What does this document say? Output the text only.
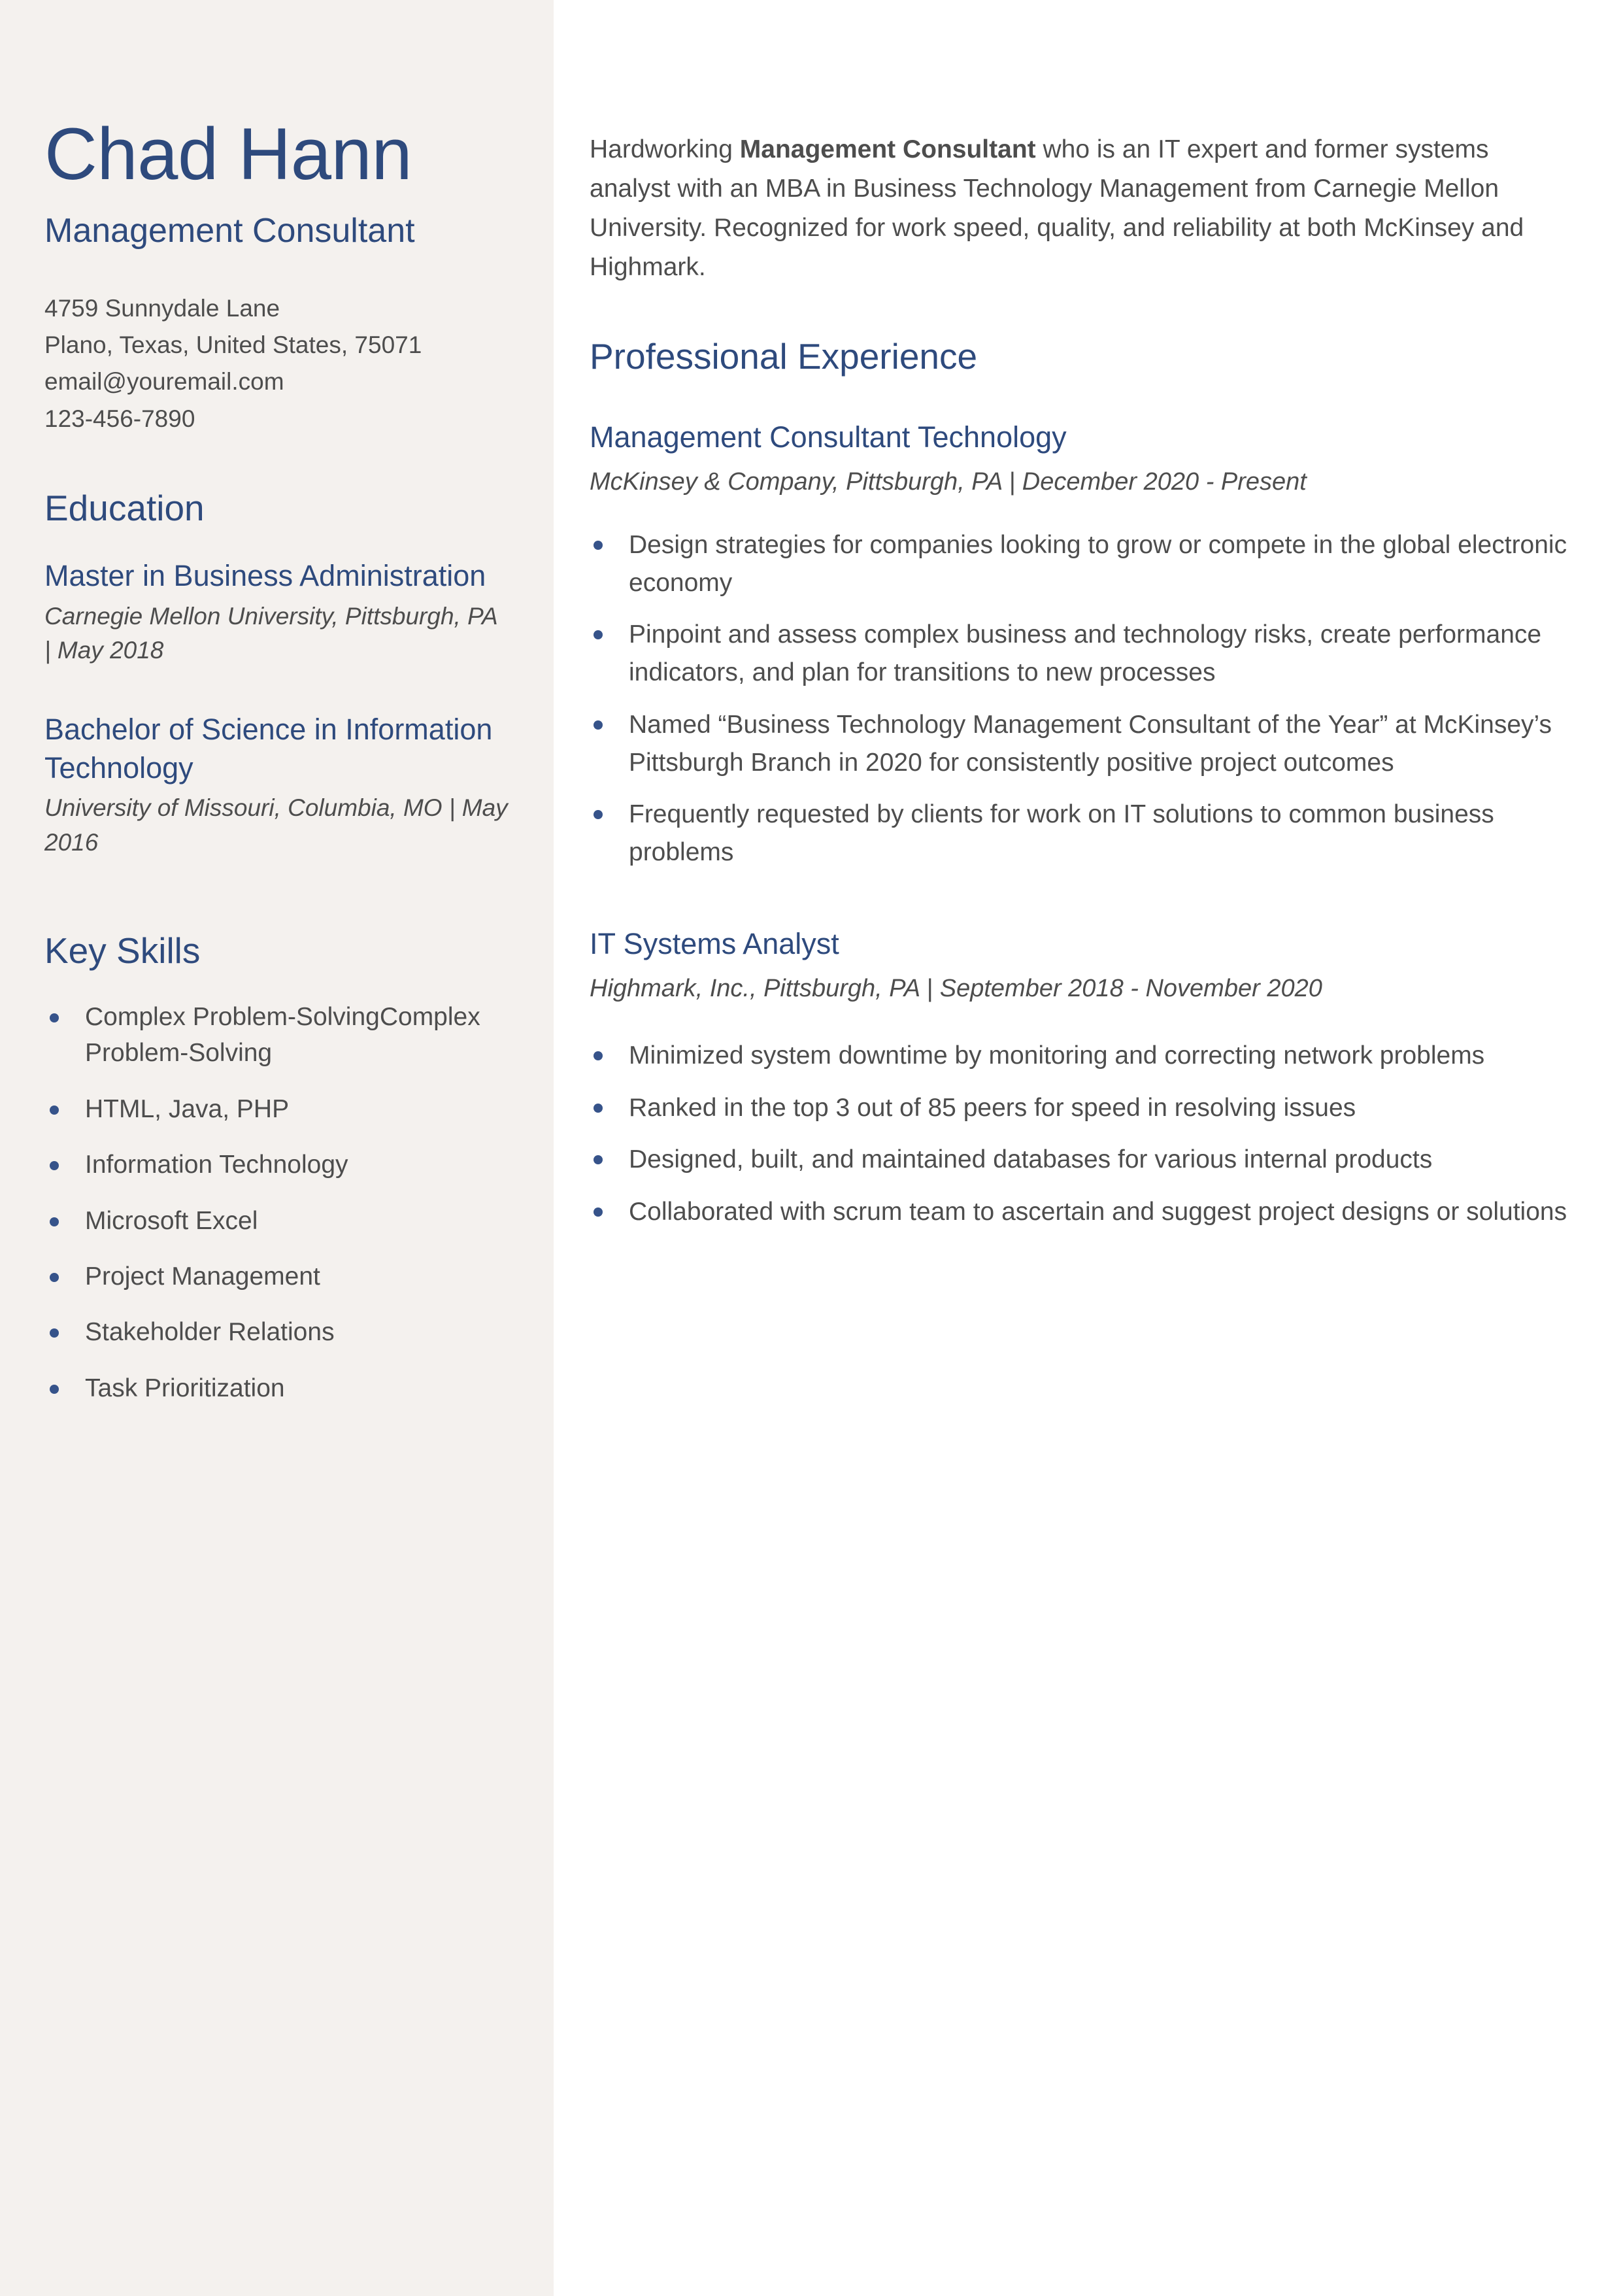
Chad Hann
Management Consultant
4759 Sunnydale Lane
Plano, Texas, United States, 75071
email@youremail.com
123-456-7890
Education
Master in Business Administration
Carnegie Mellon University, Pittsburgh, PA | May 2018
Bachelor of Science in Information Technology
University of Missouri, Columbia, MO | May 2016
Key Skills
Complex Problem-SolvingComplex Problem-Solving
HTML, Java, PHP
Information Technology
Microsoft Excel
Project Management
Stakeholder Relations
Task Prioritization

Hardworking Management Consultant who is an IT expert and former systems analyst with an MBA in Business Technology Management from Carnegie Mellon University. Recognized for work speed, quality, and reliability at both McKinsey and Highmark.

Professional Experience
Management Consultant Technology
McKinsey & Company, Pittsburgh, PA | December 2020 - Present
Design strategies for companies looking to grow or compete in the global electronic economy
Pinpoint and assess complex business and technology risks, create performance indicators, and plan for transitions to new processes
Named “Business Technology Management Consultant of the Year” at McKinsey’s Pittsburgh Branch in 2020 for consistently positive project outcomes
Frequently requested by clients for work on IT solutions to common business problems
IT Systems Analyst
Highmark, Inc., Pittsburgh, PA | September 2018 - November 2020
Minimized system downtime by monitoring and correcting network problems
Ranked in the top 3 out of 85 peers for speed in resolving issues
Designed, built, and maintained databases for various internal products
Collaborated with scrum team to ascertain and suggest project designs or solutions
